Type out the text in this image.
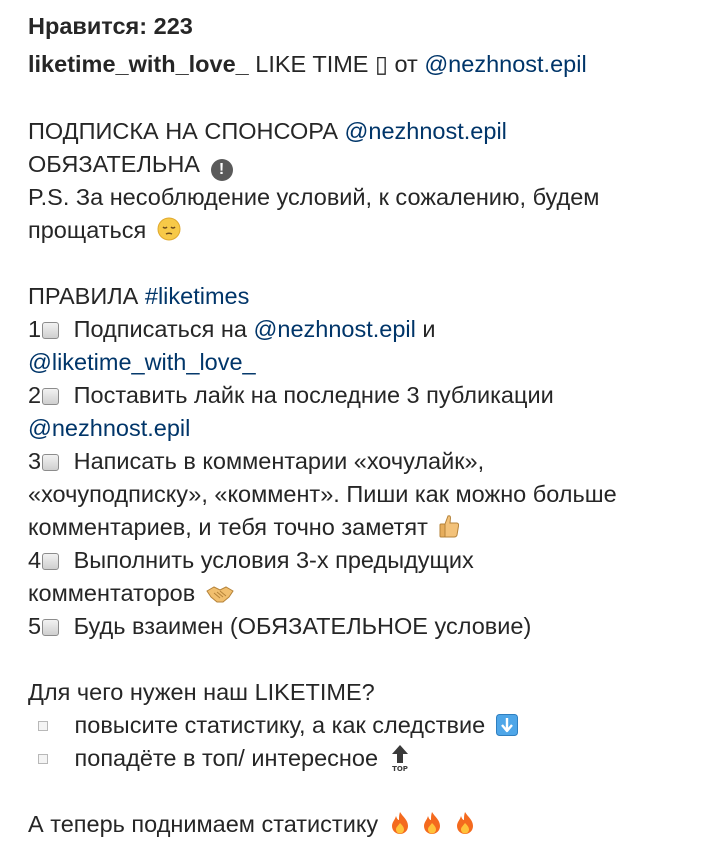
Нравится: 223
liketime_with_love_ LIKE TIME ▯ от @nezhnost.epil
ПОДПИСКА НА СПОНСОРА @nezhnost.epil
ОБЯЗАТЕЛЬНА !
P.S. За несоблюдение условий, к сожалению, будем
прощаться
ПРАВИЛА #liketimes
1 Подписаться на @nezhnost.epil и
@liketime_with_love_
2 Поставить лайк на последние 3 публикации
@nezhnost.epil
3 Написать в комментарии «хочулайк»,
«хочуподписку», «коммент». Пиши как можно больше
комментариев, и тебя точно заметят
4 Выполнить условия 3-х предыдущих
комментаторов
5 Будь взаимен (ОБЯЗАТЕЛЬНОЕ условие)
Для чего нужен наш LIKETIME?
повысите статистику, а как следствие
попадёте в топ/ интересное TOP
А теперь поднимаем статистику
